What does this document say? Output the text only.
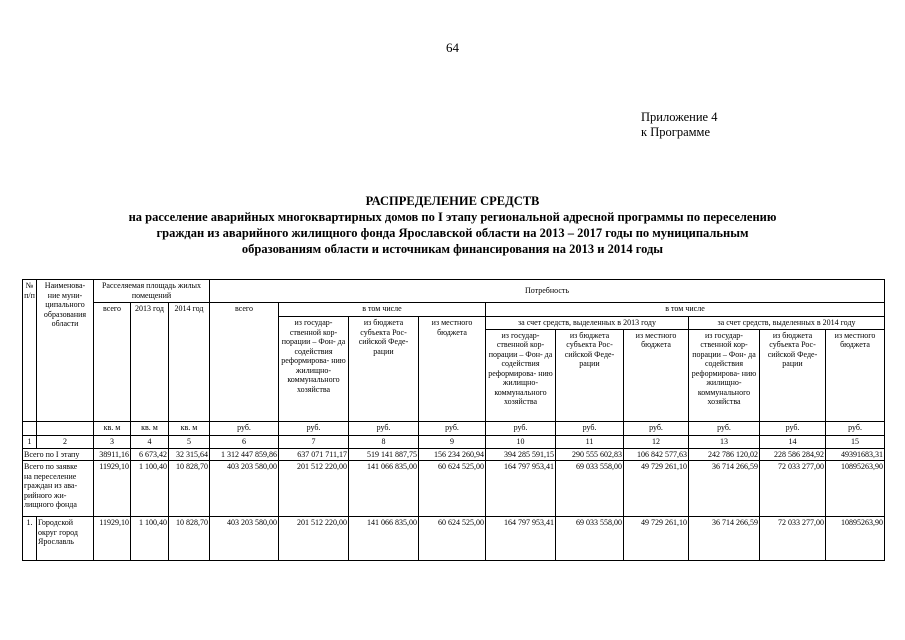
64
Приложение 4
к Программе
РАСПРЕДЕЛЕНИЕ СРЕДСТВ
на расселение аварийных многоквартирных домов по I этапу региональной адресной программы по переселению
граждан из аварийного жилищного фонда Ярославской области на 2013 – 2017 годы по муниципальным
образованиям области и источникам финансирования на 2013 и 2014 годы
№ п/п	Наименова- ние муни- ципального образования области	Расселяемая площадь жилых помещений			Потребность									
		всего	2013 год	2014 год	всего	в том числе			в том числе					
						из государ- ственной кор- порации – Фон- да содействия реформирова- нию жилищно- коммунального хозяйства	из бюджета субъекта Рос- сийской Феде- рации	из местного бюджета	за счет средств, выделенных в 2013 году			за счет средств, выделенных в 2014 году		
									из государ- ственной кор- порации – Фон- да содействия реформирова- нию жилищно- коммунального хозяйства	из бюджета субъекта Рос- сийской Феде- рации	из местного бюджета	из государ- ственной кор- порации – Фон- да содействия реформирова- нию жилищно- коммунального хозяйства	из бюджета субъекта Рос- сийской Феде- рации	из местного бюджета
		кв. м	кв. м	кв. м	руб.	руб.	руб.	руб.	руб.	руб.	руб.	руб.	руб.	руб.
1	2	3	4	5	6	7	8	9	10	11	12	13	14	15
Всего по I этапу		38911,16	6 673,42	32 315,64	1 312 447 859,86	637 071 711,17	519 141 887,75	156 234 260,94	394 285 591,15	290 555 602,83	106 842 577,63	242 786 120,02	228 586 284,92	49391683,31
Всего по заявке на переселение граждан из ава- рийного жи- лищного фонда		11929,10	1 100,40	10 828,70	403 203 580,00	201 512 220,00	141 066 835,00	60 624 525,00	164 797 953,41	69 033 558,00	49 729 261,10	36 714 266,59	72 033 277,00	10895263,90
1.	Городской округ город Ярославль	11929,10	1 100,40	10 828,70	403 203 580,00	201 512 220,00	141 066 835,00	60 624 525,00	164 797 953,41	69 033 558,00	49 729 261,10	36 714 266,59	72 033 277,00	10895263,90
